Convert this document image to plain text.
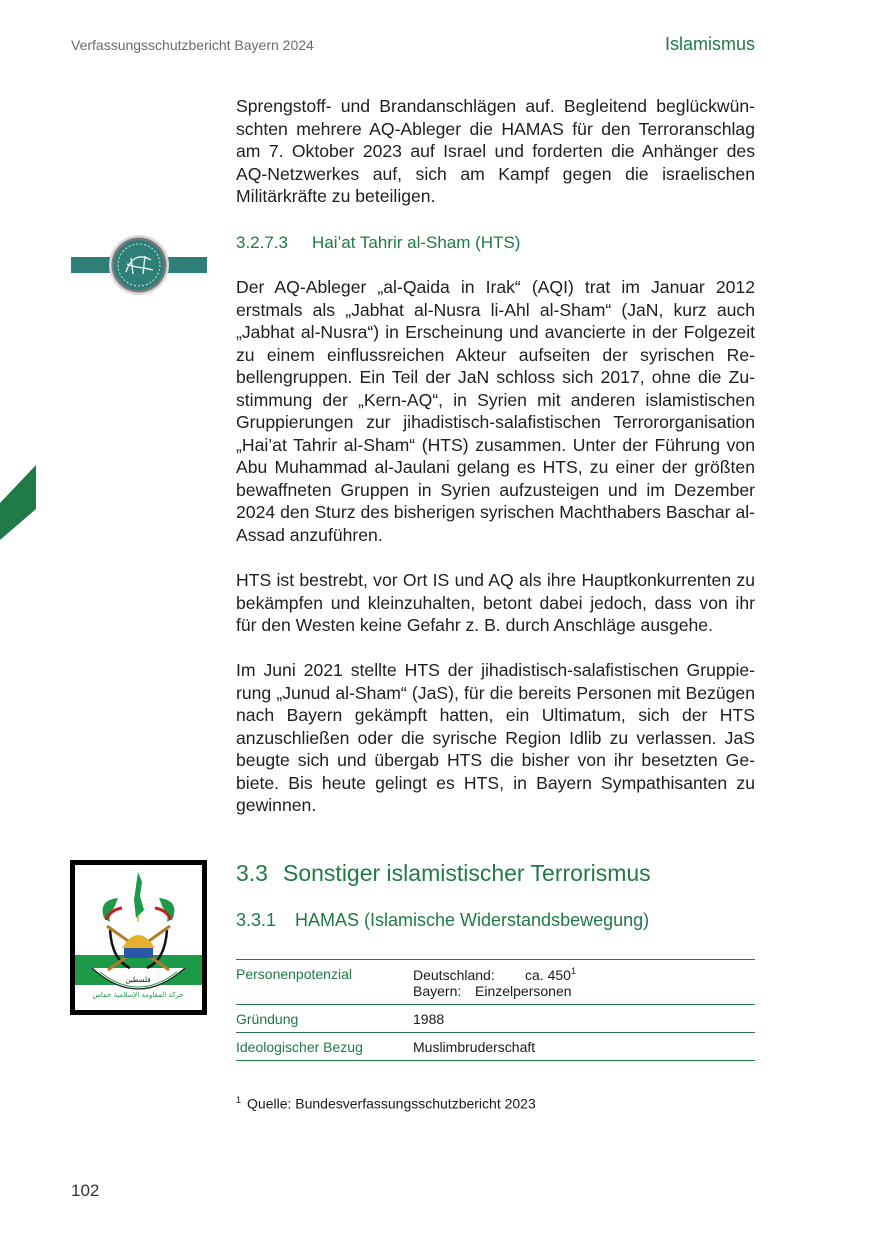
Verfassungsschutzbericht Bayern 2024	Islamismus

Sprengstoff- und Brandanschlägen auf. Begleitend beglückwünschten mehrere AQ-Ableger die HAMAS für den Terroranschlag am 7. Oktober 2023 auf Israel und forderten die Anhänger des AQ-Netzwerkes auf, sich am Kampf gegen die israelischen Militärkräfte zu beteiligen.

3.2.7.3 Hai’at Tahrir al-Sham (HTS)

Der AQ-Ableger „al-Qaida in Irak“ (AQI) trat im Januar 2012 erstmals als „Jabhat al-Nusra li-Ahl al-Sham“ (JaN, kurz auch „Jabhat al-Nusra“) in Erscheinung und avancierte in der Folgezeit zu einem einflussreichen Akteur aufseiten der syrischen Rebellengruppen. Ein Teil der JaN schloss sich 2017, ohne die Zustimmung der „Kern-AQ“, in Syrien mit anderen islamistischen Gruppierungen zur jihadistisch-salafistischen Terrororganisation „Hai’at Tahrir al-Sham“ (HTS) zusammen. Unter der Führung von Abu Muhammad al-Jaulani gelang es HTS, zu einer der größten bewaffneten Gruppen in Syrien aufzusteigen und im Dezember 2024 den Sturz des bisherigen syrischen Machthabers Baschar al-Assad anzuführen.

HTS ist bestrebt, vor Ort IS und AQ als ihre Hauptkonkurrenten zu bekämpfen und kleinzuhalten, betont dabei jedoch, dass von ihr für den Westen keine Gefahr z. B. durch Anschläge ausgehe.

Im Juni 2021 stellte HTS der jihadistisch-salafistischen Gruppierung „Junud al-Sham“ (JaS), für die bereits Personen mit Bezügen nach Bayern gekämpft hatten, ein Ultimatum, sich der HTS anzuschließen oder die syrische Region Idlib zu verlassen. JaS beugte sich und übergab HTS die bisher von ihr besetzten Gebiete. Bis heute gelingt es HTS, in Bayern Sympathisanten zu gewinnen.

فلسطين
حركة المقاومة الإسلامية حماس
3.3 Sonstiger islamistischer Terrorismus
3.3.1 HAMAS (Islamische Widerstandsbewegung)
Personenpotenzial	Deutschland: ca. 450$^1$
Bayern: Einzelpersonen

Gründung	1988
Ideologischer Bezug	Muslimbruderschaft
$^1$ Quelle: Bundesverfassungsschutzbericht 2023
102
